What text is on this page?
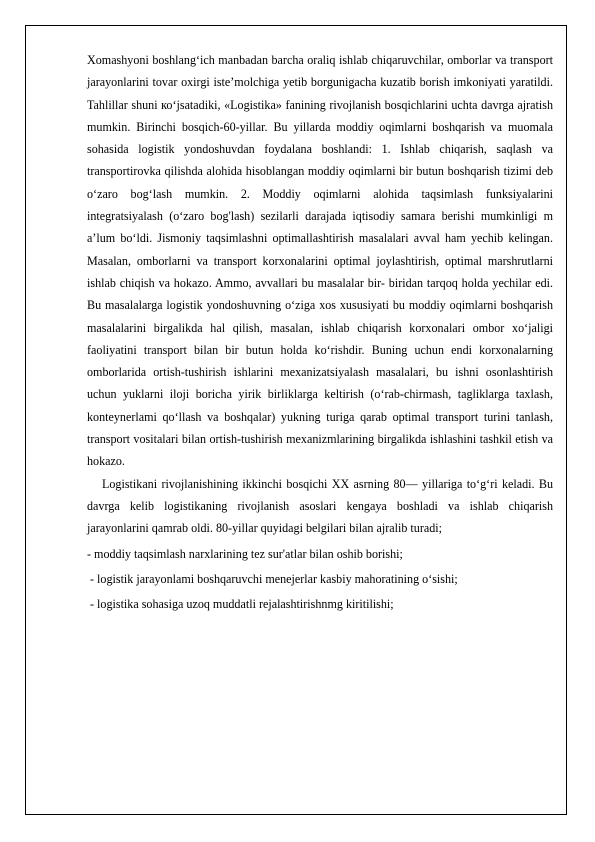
Xomashyoni boshlang‘ich manbadan barcha oraliq ishlab chiqaruvchilar, omborlar va transport jarayonlarini tovar oxirgi iste’molchiga yetib borgunigacha kuzatib borish imkoniyati yaratildi. Tahlillar shuni ко‘jsatadiki, «Logistika» fanining rivojlanish bosqichlarini uchta davrga ajratish mumkin. Birinchi bosqich-60-yillar. Bu yillarda moddiy oqimlarni boshqarish va muomala sohasida logistik yondoshuvdan foydalana boshlandi: 1. Ishlab chiqarish, saqlash va transportirovka qilishda alohida hisoblangan moddiy oqimlarni bir butun boshqarish tizimi deb o‘zaro bog‘lash mumkin. 2. Moddiy oqimlarni alohida taqsimlash funksiyalarini integratsiyalash (o‘zaro bog'lash) sezilarli darajada iqtisodiy samara berishi mumkinligi m a’lum bo‘ldi. Jismoniy taqsimlashni optimallashtirish masalalari avval ham yechib kelingan. Masalan, omborlarni va transport korxonalarini optimal joylashtirish, optimal marshrutlarni ishlab chiqish va hokazo. Ammo, avvallari bu masalalar bir- biridan tarqoq holda yechilar edi. Bu masalalarga logistik yondoshuvning o‘ziga xos xususiyati bu moddiy oqimlarni boshqarish masalalarini birgalikda hal qilish, masalan, ishlab chiqarish korxonalari ombor xo‘jaligi faoliyatini transport bilan bir butun holda ko‘rishdir. Buning uchun endi korxonalarning omborlarida ortish-tushirish ishlarini mexanizatsiyalash masalalari, bu ishni osonlashtirish uchun yuklarni iloji boricha yirik birliklarga keltirish (o‘rab-chirmash, tagliklarga taxlash, konteynerlami qo‘llash va boshqalar) yukning turiga qarab optimal transport turini tanlash, transport vositalari bilan ortish-tushirish mexanizmlarining birgalikda ishlashini tashkil etish va hokazo.

Logistikani rivojlanishining ikkinchi bosqichi XX asrning 80— yillariga to‘g‘ri keladi. Bu davrga kelib logistikaning rivojlanish asoslari kengaya boshladi va ishlab chiqarish jarayonlarini qamrab oldi. 80-yillar quyidagi belgilari bilan ajralib turadi;

- moddiy taqsimlash narxlarining tez sur'atlar bilan oshib borishi;

- logistik jarayonlami boshqaruvchi menejerlar kasbiy mahoratining o‘sishi;

- logistika sohasiga uzoq muddatli rejalashtirishnmg kiritilishi;
